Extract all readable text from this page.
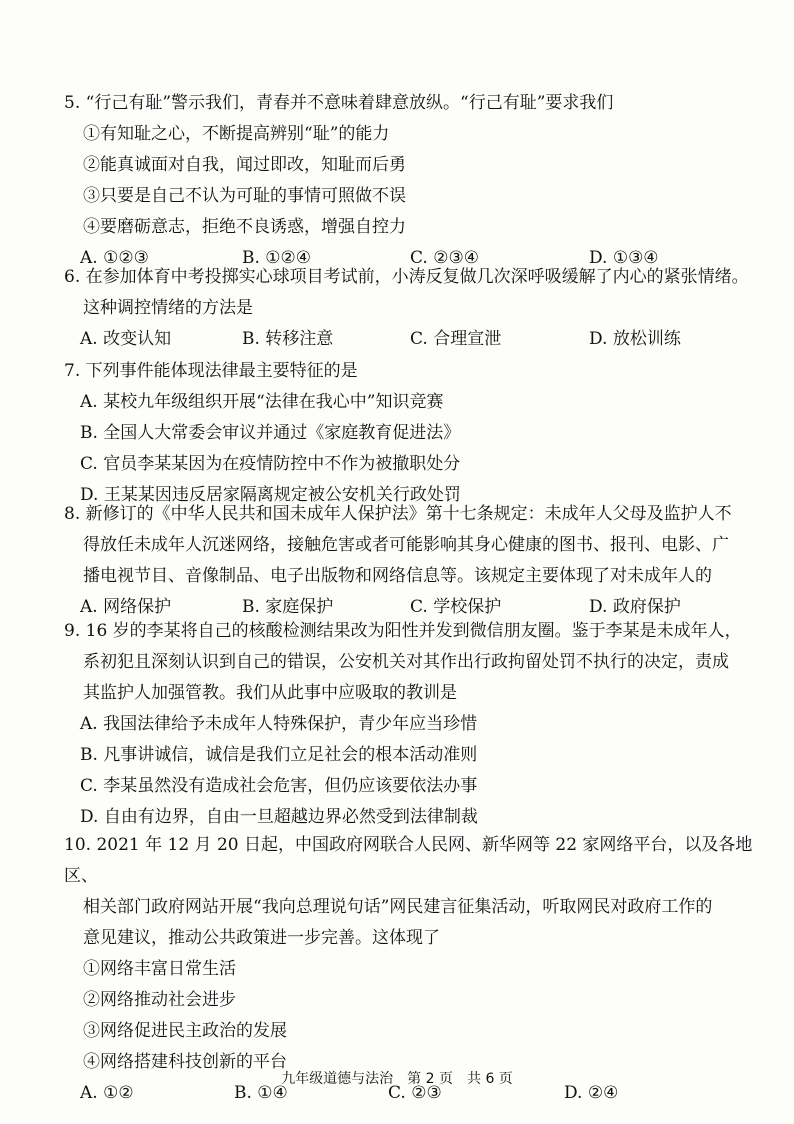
5. “行己有耻”警示我们，青春并不意味着肆意放纵。“行己有耻”要求我们

①有知耻之心，不断提高辨别“耻”的能力
②能真诚面对自我，闻过即改，知耻而后勇
③只要是自己不认为可耻的事情可照做不误
④要磨砺意志，拒绝不良诱惑，增强自控力
A. ①②③	B. ①②④	C. ②③④	D. ①③④

6. 在参加体育中考投掷实心球项目考试前，小涛反复做几次深呼吸缓解了内心的紧张情绪。

这种调控情绪的方法是
A. 改变认知	B. 转移注意	C. 合理宣泄	D. 放松训练

7. 下列事件能体现法律最主要特征的是

A. 某校九年级组织开展“法律在我心中”知识竞赛
B. 全国人大常委会审议并通过《家庭教育促进法》
C. 官员李某某因为在疫情防控中不作为被撤职处分
D. 王某某因违反居家隔离规定被公安机关行政处罚

8. 新修订的《中华人民共和国未成年人保护法》第十七条规定：未成年人父母及监护人不

得放任未成年人沉迷网络，接触危害或者可能影响其身心健康的图书、报刊、电影、广
播电视节目、音像制品、电子出版物和网络信息等。该规定主要体现了对未成年人的
A. 网络保护	B. 家庭保护	C. 学校保护	D. 政府保护

9. 16 岁的李某将自己的核酸检测结果改为阳性并发到微信朋友圈。鉴于李某是未成年人，

系初犯且深刻认识到自己的错误，公安机关对其作出行政拘留处罚不执行的决定，责成
其监护人加强管教。我们从此事中应吸取的教训是
A. 我国法律给予未成年人特殊保护，青少年应当珍惜
B. 凡事讲诚信，诚信是我们立足社会的根本活动准则
C. 李某虽然没有造成社会危害，但仍应该要依法办事
D. 自由有边界，自由一旦超越边界必然受到法律制裁

10. 2021 年 12 月 20 日起，中国政府网联合人民网、新华网等 22 家网络平台，以及各地区、

相关部门政府网站开展“我向总理说句话”网民建言征集活动，听取网民对政府工作的
意见建议，推动公共政策进一步完善。这体现了
①网络丰富日常生活
②网络推动社会进步
③网络促进民主政治的发展
④网络搭建科技创新的平台
A. ①②	B. ①④	C. ②③	D. ②④
九年级道德与法治　第 2 页　共 6 页
